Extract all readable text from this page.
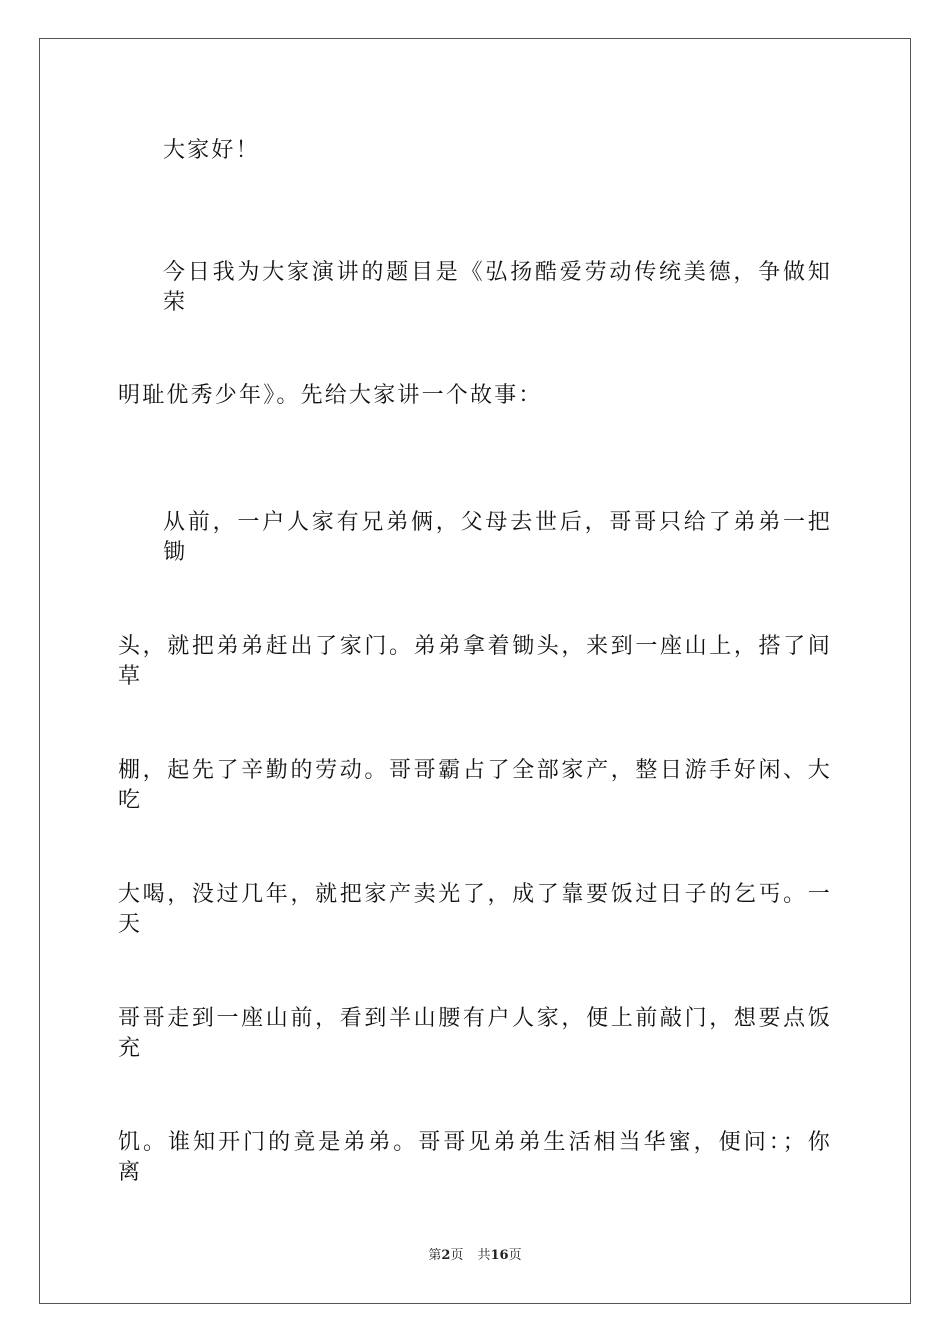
大家好！
今日我为大家演讲的题目是《弘扬酷爱劳动传统美德，争做知荣
明耻优秀少年》。先给大家讲一个故事：
从前，一户人家有兄弟俩，父母去世后，哥哥只给了弟弟一把锄
头，就把弟弟赶出了家门。弟弟拿着锄头，来到一座山上，搭了间草
棚，起先了辛勤的劳动。哥哥霸占了全部家产，整日游手好闲、大吃
大喝，没过几年，就把家产卖光了，成了靠要饭过日子的乞丐。一天
哥哥走到一座山前，看到半山腰有户人家，便上前敲门，想要点饭充
饥。谁知开门的竟是弟弟。哥哥见弟弟生活相当华蜜，便问：；你离
第2页 共16页
